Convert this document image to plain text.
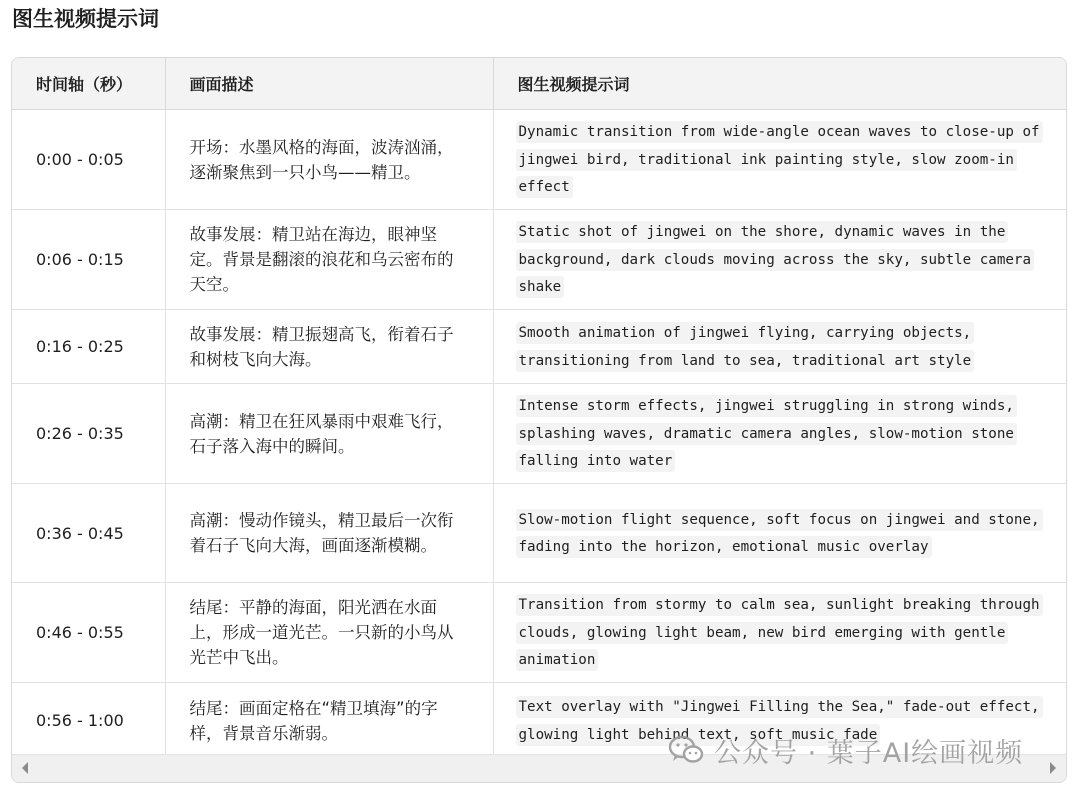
图生视频提示词
时间轴（秒）	画面描述	图生视频提示词
0:00 - 0:05	开场：水墨风格的海面，波涛汹涌，逐渐聚焦到一只小鸟——精卫。	Dynamic transition from wide-angle ocean waves to close-up of jingwei bird, traditional ink painting style, slow zoom-in effect
0:06 - 0:15	故事发展：精卫站在海边，眼神坚定。背景是翻滚的浪花和乌云密布的天空。	Static shot of jingwei on the shore, dynamic waves in the background, dark clouds moving across the sky, subtle camera shake
0:16 - 0:25	故事发展：精卫振翅高飞，衔着石子和树枝飞向大海。	Smooth animation of jingwei flying, carrying objects, transitioning from land to sea, traditional art style
0:26 - 0:35	高潮：精卫在狂风暴雨中艰难飞行，石子落入海中的瞬间。	Intense storm effects, jingwei struggling in strong winds, splashing waves, dramatic camera angles, slow-motion stone falling into water
0:36 - 0:45	高潮：慢动作镜头，精卫最后一次衔着石子飞向大海，画面逐渐模糊。	Slow-motion flight sequence, soft focus on jingwei and stone, fading into the horizon, emotional music overlay
0:46 - 0:55	结尾：平静的海面，阳光洒在水面上，形成一道光芒。一只新的小鸟从光芒中飞出。	Transition from stormy to calm sea, sunlight breaking through clouds, glowing light beam, new bird emerging with gentle animation
0:56 - 1:00	结尾：画面定格在“精卫填海”的字样，背景音乐渐弱。	Text overlay with "Jingwei Filling the Sea," fade-out effect, glowing light behind text, soft music fade
公众号 · 葉子AI绘画视频
